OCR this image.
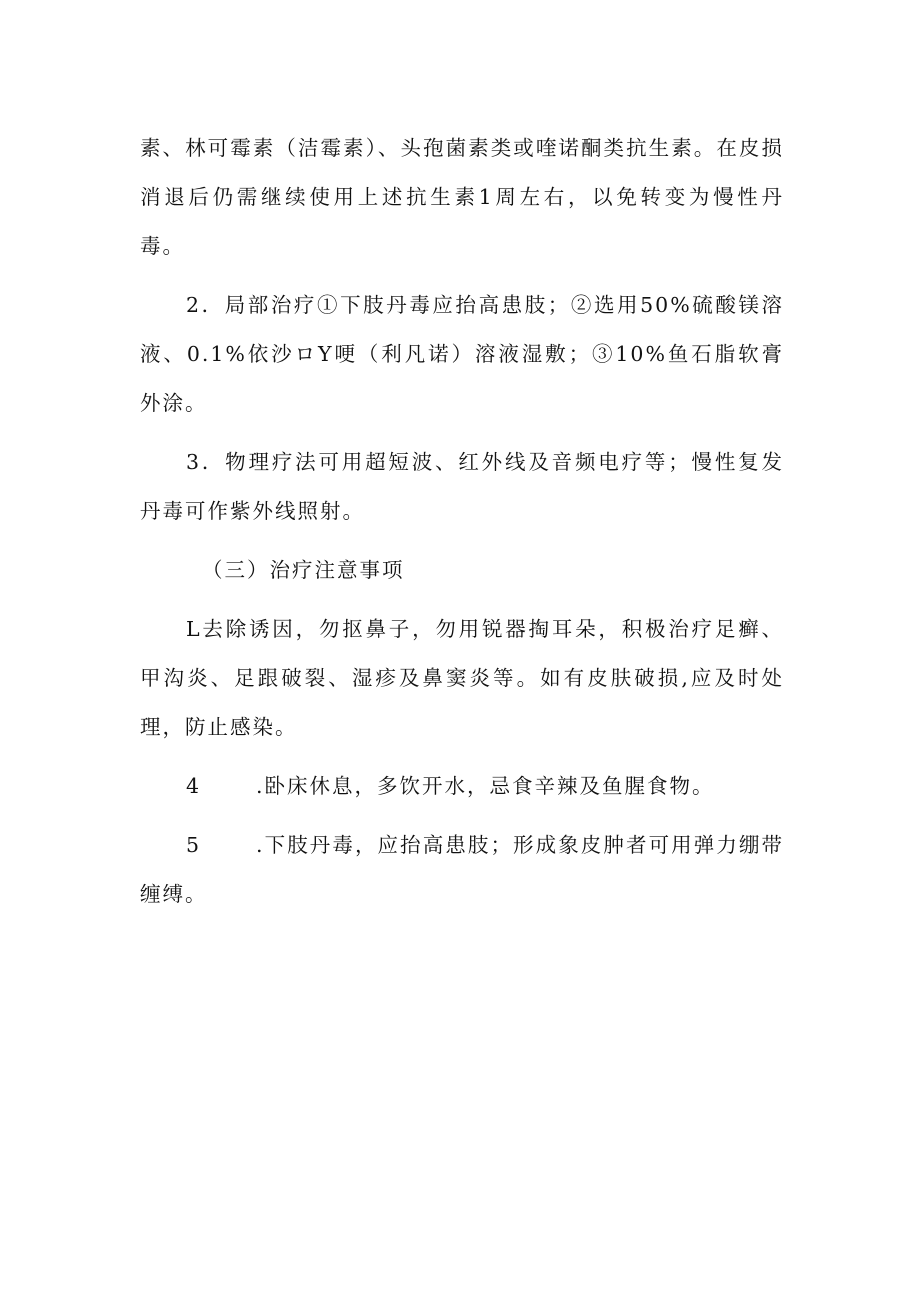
素、林可霉素（洁霉素）、头孢菌素类或喹诺酮类抗生素。在皮损消退后仍需继续使用上述抗生素1周左右，以免转变为慢性丹毒。

2．局部治疗①下肢丹毒应抬高患肢；②选用50%硫酸镁溶液、0.1%依沙ロY哽（利凡诺）溶液湿敷；③10%鱼石脂软膏外涂。

3．物理疗法可用超短波、红外线及音频电疗等；慢性复发丹毒可作紫外线照射。

（三）治疗注意事项

L去除诱因，勿抠鼻子，勿用锐器掏耳朵，积极治疗足癣、甲沟炎、足跟破裂、湿疹及鼻窦炎等。如有皮肤破损,应及时处理，防止感染。

4	.卧床休息，多饮开水，忌食辛辣及鱼腥食物。

5	.下肢丹毒，应抬高患肢；形成象皮肿者可用弹力绷带缠缚。
